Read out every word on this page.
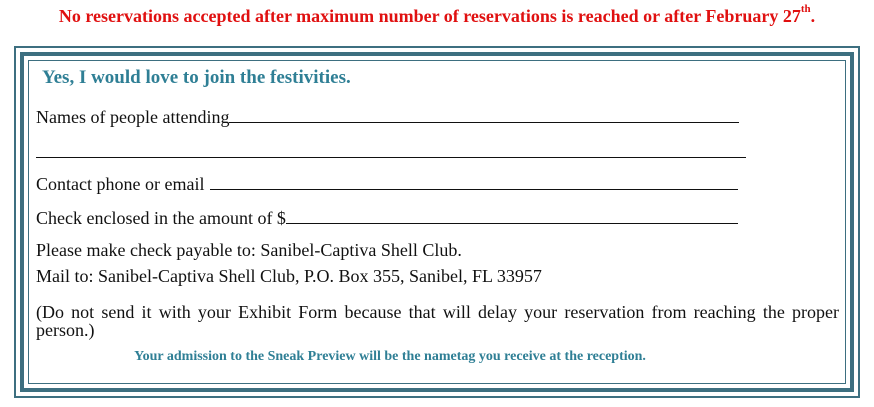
No reservations accepted after maximum number of reservations is reached or after February 27th.
Yes, I would love to join the festivities.
Names of people attending
Contact phone or email
Check enclosed in the amount of $
Please make check payable to: Sanibel-Captiva Shell Club.
Mail to: Sanibel-Captiva Shell Club, P.O. Box 355, Sanibel, FL 33957
(Do not send it with your Exhibit Form because that will delay your reservation from reaching the proper person.)
Your admission to the Sneak Preview will be the nametag you receive at the reception.
